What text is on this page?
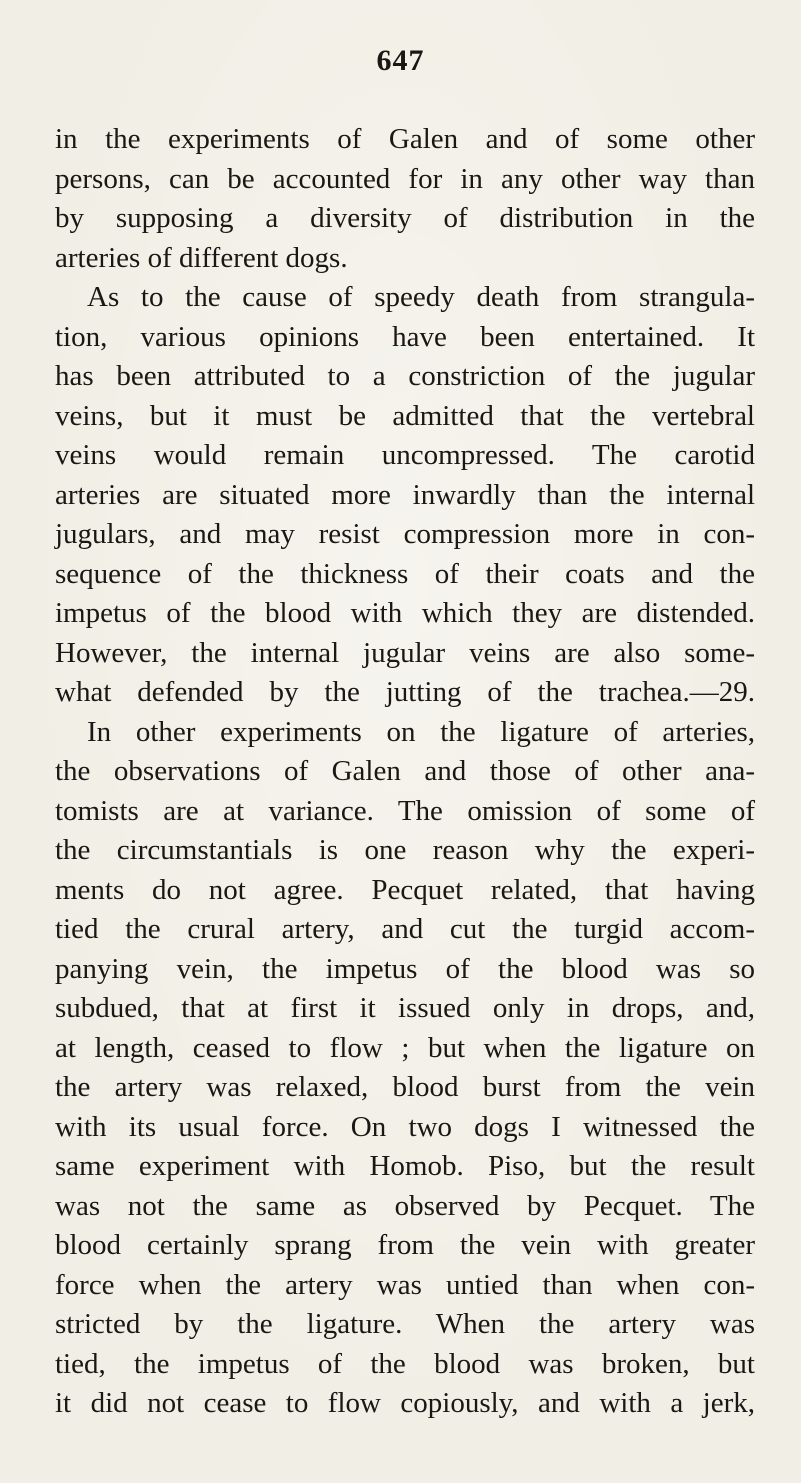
647
in the experiments of Galen and of some other
persons, can be accounted for in any other way than
by supposing a diversity of distribution in the
arteries of different dogs.
As to the cause of speedy death from strangula-
tion, various opinions have been entertained. It
has been attributed to a constriction of the jugular
veins, but it must be admitted that the vertebral
veins would remain uncompressed. The carotid
arteries are situated more inwardly than the internal
jugulars, and may resist compression more in con-
sequence of the thickness of their coats and the
impetus of the blood with which they are distended.
However, the internal jugular veins are also some-
what defended by the jutting of the trachea.—29.
In other experiments on the ligature of arteries,
the observations of Galen and those of other ana-
tomists are at variance. The omission of some of
the circumstantials is one reason why the experi-
ments do not agree. Pecquet related, that having
tied the crural artery, and cut the turgid accom-
panying vein, the impetus of the blood was so
subdued, that at first it issued only in drops, and,
at length, ceased to flow ; but when the ligature on
the artery was relaxed, blood burst from the vein
with its usual force. On two dogs I witnessed the
same experiment with Homob. Piso, but the result
was not the same as observed by Pecquet. The
blood certainly sprang from the vein with greater
force when the artery was untied than when con-
stricted by the ligature. When the artery was
tied, the impetus of the blood was broken, but
it did not cease to flow copiously, and with a jerk,
